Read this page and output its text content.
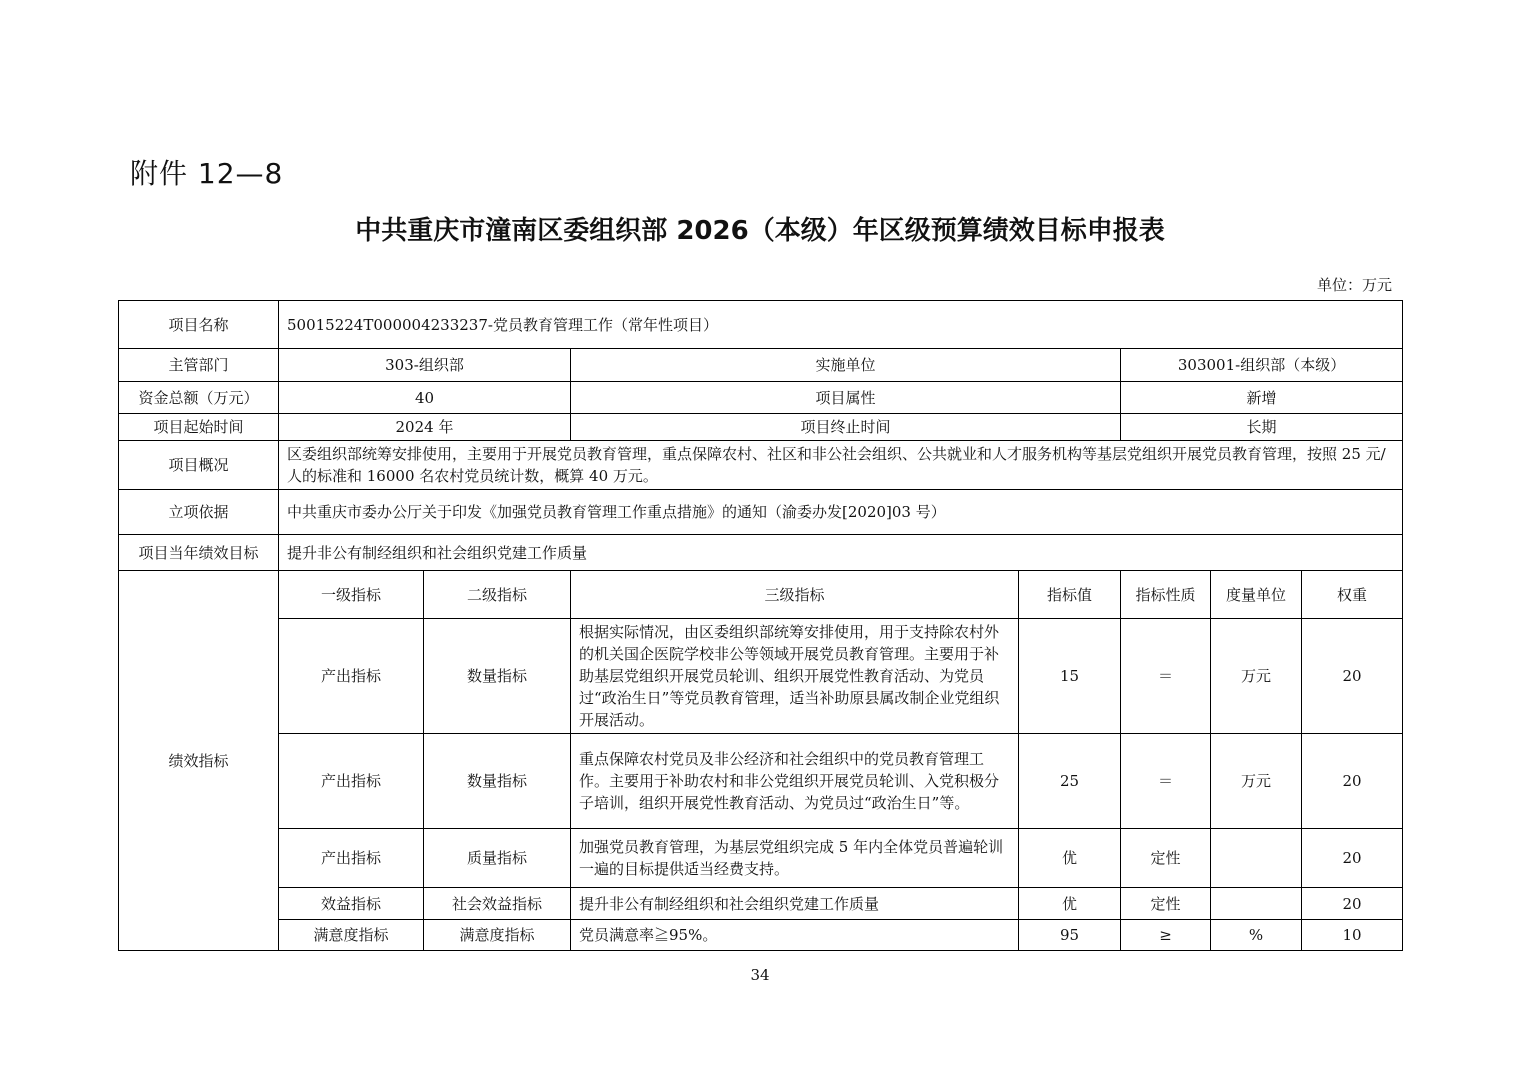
附件 12—8
中共重庆市潼南区委组织部 2026（本级）年区级预算绩效目标申报表
单位：万元
项目名称	50015224T000004233237-党员教育管理工作（常年性项目）						
主管部门	303-组织部		实施单位		303001-组织部（本级）		
资金总额（万元）	40		项目属性		新增		
项目起始时间	2024 年		项目终止时间		长期		
项目概况	区委组织部统筹安排使用，主要用于开展党员教育管理，重点保障农村、社区和非公社会组织、公共就业和人才服务机构等基层党组织开展党员教育管理，按照 25 元/人的标准和 16000 名农村党员统计数，概算 40 万元。						
立项依据	中共重庆市委办公厅关于印发《加强党员教育管理工作重点措施》的通知（渝委办发[2020]03 号）						
项目当年绩效目标	提升非公有制经组织和社会组织党建工作质量						
绩效指标	一级指标	二级指标	三级指标	指标值	指标性质	度量单位	权重
	产出指标	数量指标	根据实际情况，由区委组织部统筹安排使用，用于支持除农村外的机关国企医院学校非公等领域开展党员教育管理。主要用于补助基层党组织开展党员轮训、组织开展党性教育活动、为党员过“政治生日”等党员教育管理，适当补助原县属改制企业党组织开展活动。	15	＝	万元	20
	产出指标	数量指标	重点保障农村党员及非公经济和社会组织中的党员教育管理工作。主要用于补助农村和非公党组织开展党员轮训、入党积极分子培训，组织开展党性教育活动、为党员过“政治生日”等。	25	＝	万元	20
	产出指标	质量指标	加强党员教育管理，为基层党组织完成 5 年内全体党员普遍轮训一遍的目标提供适当经费支持。	优	定性		20
	效益指标	社会效益指标	提升非公有制经组织和社会组织党建工作质量	优	定性		20
	满意度指标	满意度指标	党员满意率≧95%。	95	≥	%	10
34
